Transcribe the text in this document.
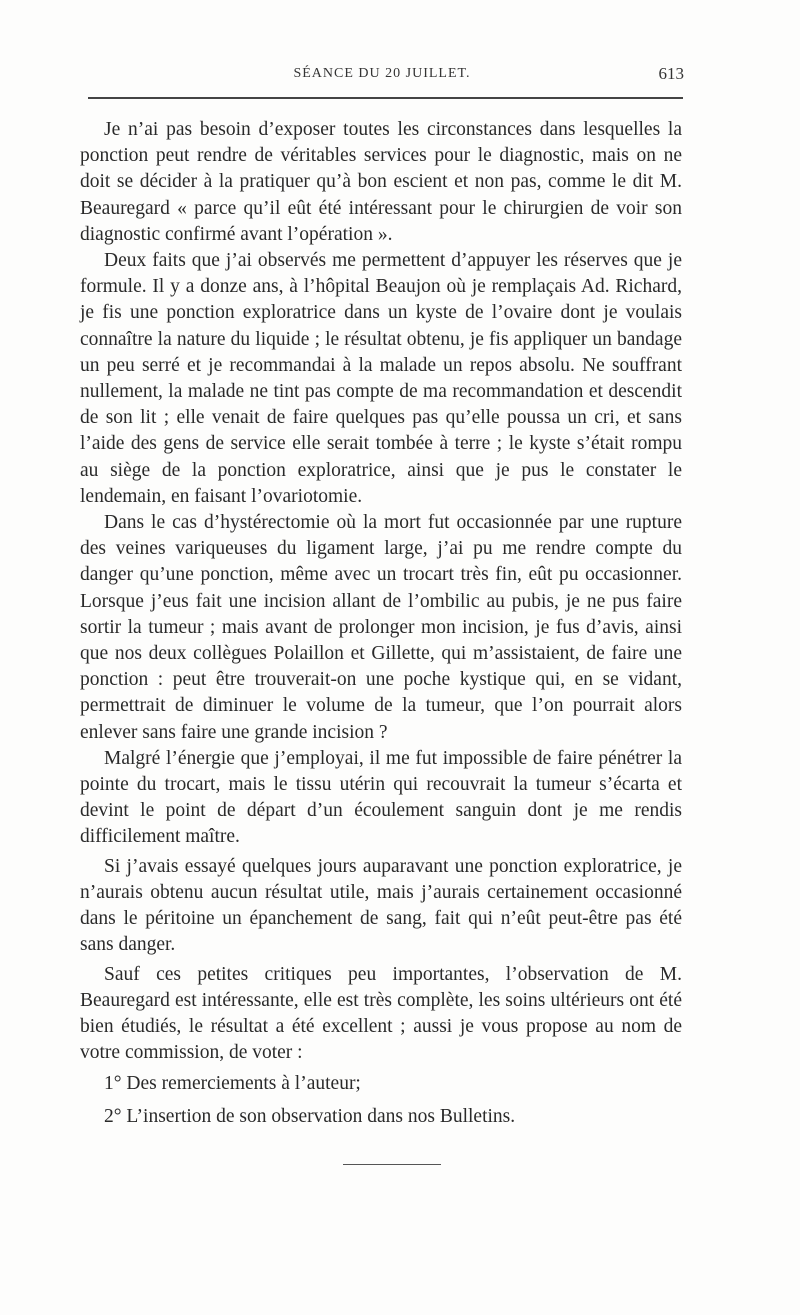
SÉANCE DU 20 JUILLET.	613

Je n’ai pas besoin d’exposer toutes les circonstances dans lesquelles la ponction peut rendre de véritables services pour le diagnostic, mais on ne doit se décider à la pratiquer qu’à bon escient et non pas, comme le dit M. Beauregard « parce qu’il eût été intéressant pour le chirurgien de voir son diagnostic confirmé avant l’opération ».

Deux faits que j’ai observés me permettent d’appuyer les réserves que je formule. Il y a donze ans, à l’hôpital Beaujon où je remplaçais Ad. Richard, je fis une ponction exploratrice dans un kyste de l’ovaire dont je voulais connaître la nature du liquide ; le résultat obtenu, je fis appliquer un bandage un peu serré et je recommandai à la malade un repos absolu. Ne souffrant nullement, la malade ne tint pas compte de ma recommandation et descendit de son lit ; elle venait de faire quelques pas qu’elle poussa un cri, et sans l’aide des gens de service elle serait tombée à terre ; le kyste s’était rompu au siège de la ponction exploratrice, ainsi que je pus le constater le lendemain, en faisant l’ovariotomie.

Dans le cas d’hystérectomie où la mort fut occasionnée par une rupture des veines variqueuses du ligament large, j’ai pu me rendre compte du danger qu’une ponction, même avec un trocart très fin, eût pu occasionner. Lorsque j’eus fait une incision allant de l’ombilic au pubis, je ne pus faire sortir la tumeur ; mais avant de prolonger mon incision, je fus d’avis, ainsi que nos deux collègues Polaillon et Gillette, qui m’assistaient, de faire une ponction : peut être trouverait-on une poche kystique qui, en se vidant, permettrait de diminuer le volume de la tumeur, que l’on pourrait alors enlever sans faire une grande incision ?

Malgré l’énergie que j’employai, il me fut impossible de faire pénétrer la pointe du trocart, mais le tissu utérin qui recouvrait la tumeur s’écarta et devint le point de départ d’un écoulement sanguin dont je me rendis difficilement maître.

Si j’avais essayé quelques jours auparavant une ponction exploratrice, je n’aurais obtenu aucun résultat utile, mais j’aurais certainement occasionné dans le péritoine un épanchement de sang, fait qui n’eût peut-être pas été sans danger.

Sauf ces petites critiques peu importantes, l’observation de M. Beauregard est intéressante, elle est très complète, les soins ultérieurs ont été bien étudiés, le résultat a été excellent ; aussi je vous propose au nom de votre commission, de voter :

1° Des remerciements à l’auteur;

2° L’insertion de son observation dans nos Bulletins.
